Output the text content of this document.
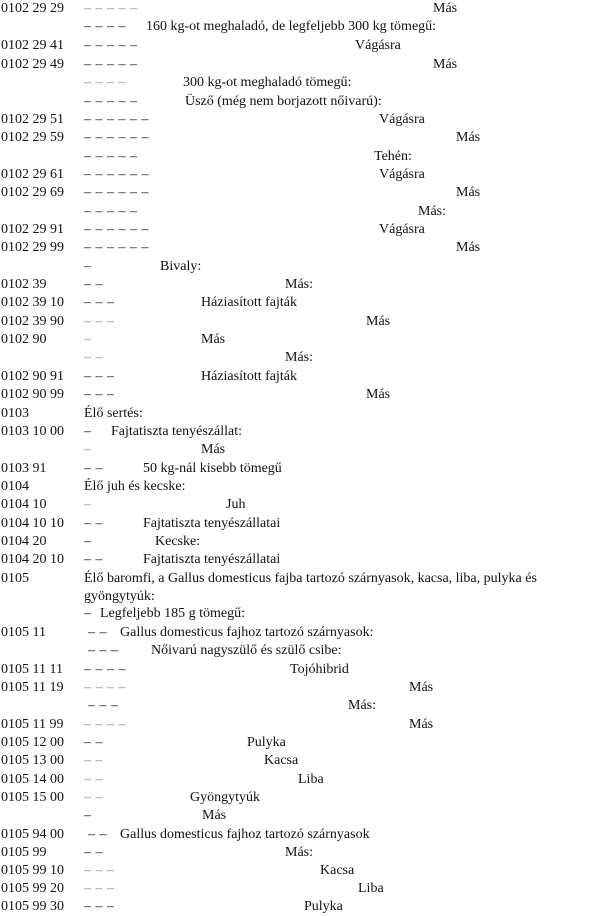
0102 29 29 – – – – –	Más
– – – – 160 kg-ot meghaladó, de legfeljebb 300 kg tömegű:
0102 29 41 – – – – –	Vágásra
0102 29 49 – – – – –	Más
– – – –	300 kg-ot meghaladó tömegű:
– – – – –	Üsző (még nem borjazott nőivarú):
0102 29 51 – – – – – –	Vágásra
0102 29 59 – – – – – –	Más
– – – – –	Tehén:
0102 29 61 – – – – – –	Vágásra
0102 29 69 – – – – – –	Más
– – – – –	Más:
0102 29 91 – – – – – –	Vágásra
0102 29 99 – – – – – –	Más
–	Bivaly:
0102 39	– –	Más:
0102 39 10 – – –	Háziasított fajták
0102 39 90 – – –	Más
0102 90	–	Más
– –	Más:
0102 90 91 – – –	Háziasított fajták
0102 90 99 – – –	Más
0103	Élő sertés:
0103 10 00 – Fajtatiszta tenyészállat:
–	Más
0103 91	– –	50 kg-nál kisebb tömegű
0104	Élő juh és kecske:
0104 10	–	Juh
0104 10 10 – –	Fajtatiszta tenyészállatai
0104 20	–	Kecske:
0104 20 10 – –	Fajtatiszta tenyészállatai
0105	Élő baromfi, a Gallus domesticus fajba tartozó szárnyasok, kacsa, liba, pulyka és gyöngytyúk:
– Legfeljebb 185 g tömegű:
0105 11	– – Gallus domesticus fajhoz tartozó szárnyasok:
– – – Nőivarú nagyszülő és szülő csibe:
0105 11 11 – – – –	Tojóhibrid
0105 11 19 – – – –	Más
– – –	Más:
0105 11 99 – – – –	Más
0105 12 00 – –	Pulyka
0105 13 00 – –	Kacsa
0105 14 00 – –	Liba
0105 15 00 – –	Gyöngytyúk
–	Más
0105 94 00 – – Gallus domesticus fajhoz tartozó szárnyasok
0105 99	– –	Más:
0105 99 10 – – –	Kacsa
0105 99 20 – – –	Liba
0105 99 30 – – –	Pulyka
